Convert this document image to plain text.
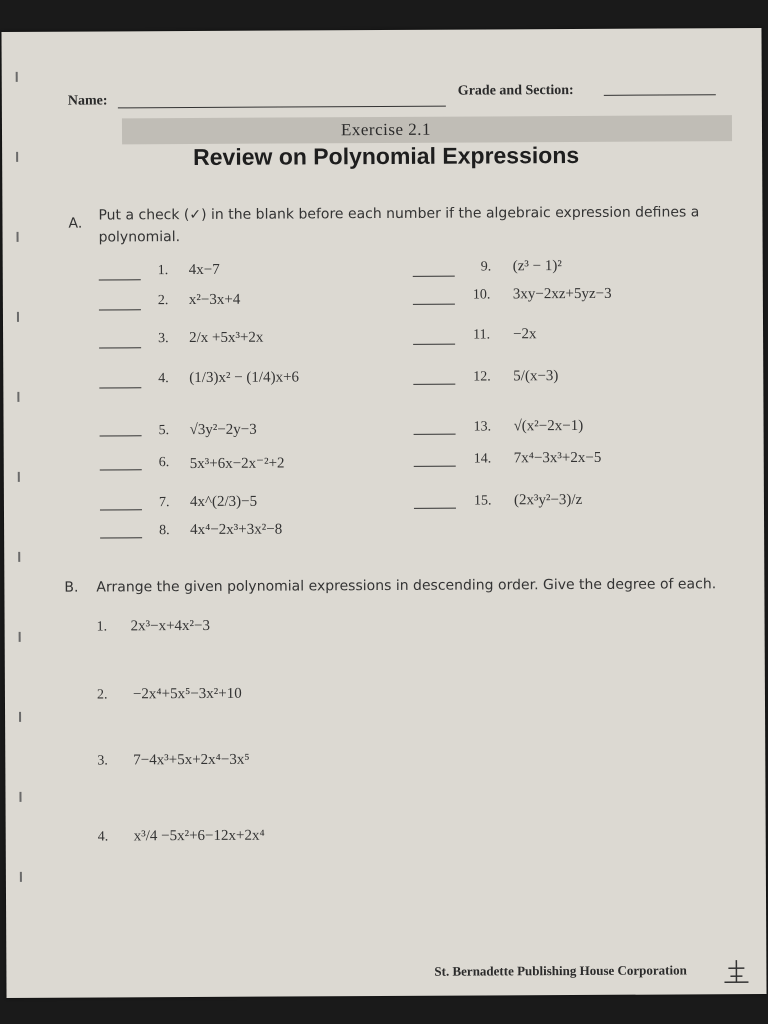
Name:
Grade and Section:
Exercise 2.1
Review on Polynomial Expressions
A.
Put a check (✓) in the blank before each number if the algebraic expression defines a
polynomial.
1. 4x−7
2. x²−3x+4
3. 2/x +5x³+2x
4. (1/3)x² − (1/4)x+6
5. √3y²−2y−3
6. 5x³+6x−2x⁻²+2
7. 4x^(2/3)−5
8. 4x⁴−2x³+3x²−8
9. (z³ − 1)²
10. 3xy−2xz+5yz−3
11. −2x
12. 5/(x−3)
13. √(x²−2x−1)
14. 7x⁴−3x³+2x−5
15. (2x³y²−3)/z
B. Arrange the given polynomial expressions in descending order. Give the degree of each.
1. 2x³−x+4x²−3
2. −2x⁴+5x⁵−3x²+10
3. 7−4x³+5x+2x⁴−3x⁵
4. x³/4 −5x²+6−12x+2x⁴
St. Bernadette Publishing House Corporation
